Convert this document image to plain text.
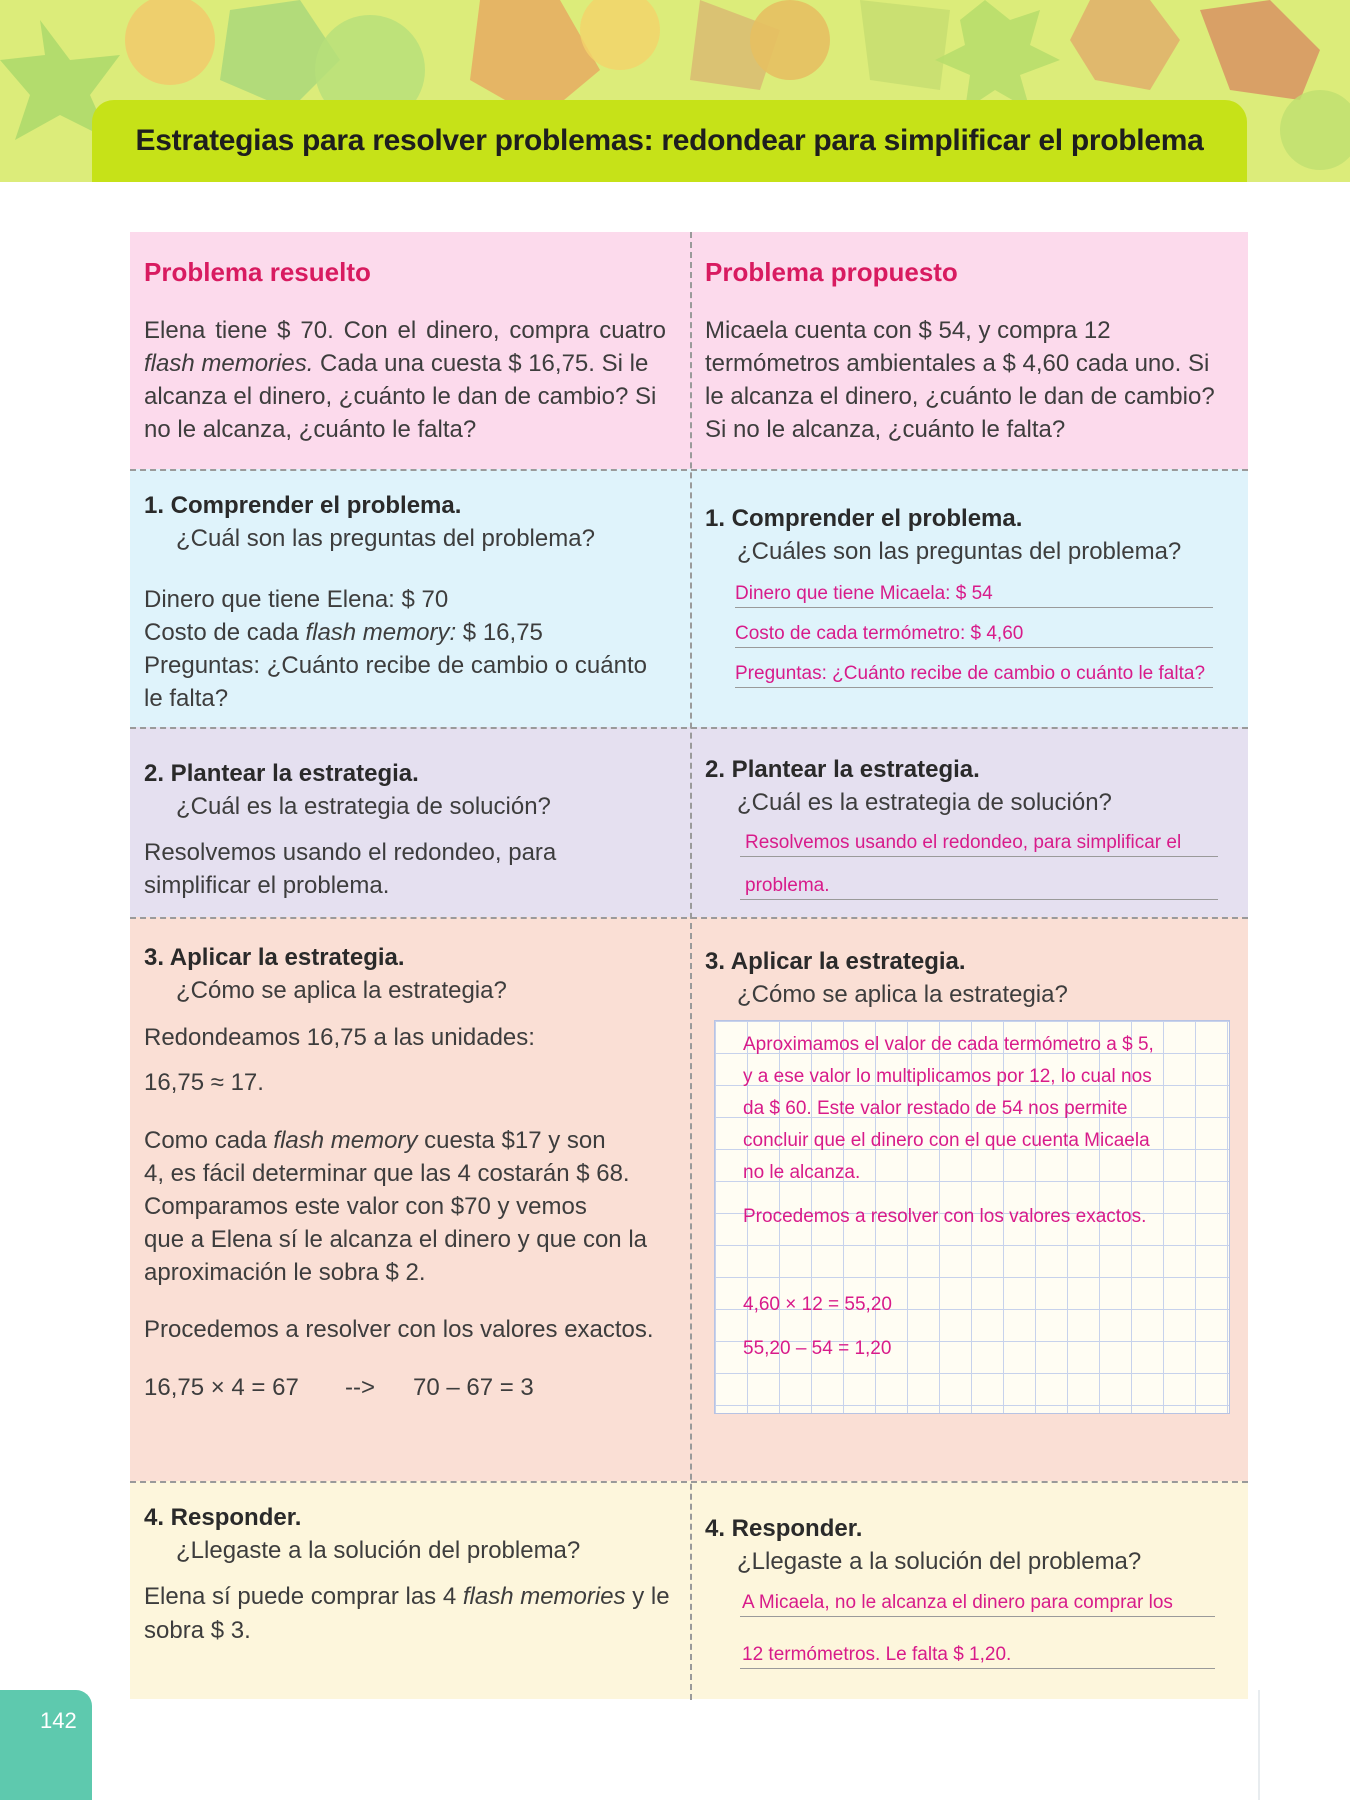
Estrategias para resolver problemas: redondear para simplificar el problema
Problema resuelto
Elena tiene $ 70. Con el dinero, compra cuatro
flash memories. Cada una cuesta $ 16,75. Si le
alcanza el dinero, ¿cuánto le dan de cambio? Si
no le alcanza, ¿cuánto le falta?
1. Comprender el problema.
¿Cuál son las preguntas del problema?
Dinero que tiene Elena: $ 70
Costo de cada flash memory: $ 16,75
Preguntas: ¿Cuánto recibe de cambio o cuánto
le falta?
2. Plantear la estrategia.
¿Cuál es la estrategia de solución?
Resolvemos usando el redondeo, para
simplificar el problema.
3. Aplicar la estrategia.
¿Cómo se aplica la estrategia?
Redondeamos 16,75 a las unidades:
16,75 ≈ 17.
Como cada flash memory cuesta $17 y son
4, es fácil determinar que las 4 costarán $ 68.
Comparamos este valor con $70 y vemos
que a Elena sí le alcanza el dinero y que con la
aproximación le sobra $ 2.
Procedemos a resolver con los valores exactos.
16,75 × 4 = 67 --> 70 – 67 = 3
4. Responder.
¿Llegaste a la solución del problema?
Elena sí puede comprar las 4 flash memories y le
sobra $ 3.
Problema propuesto
Micaela cuenta con $ 54, y compra 12
termómetros ambientales a $ 4,60 cada uno. Si
le alcanza el dinero, ¿cuánto le dan de cambio?
Si no le alcanza, ¿cuánto le falta?
1. Comprender el problema.
¿Cuáles son las preguntas del problema?
Dinero que tiene Micaela: $ 54
Costo de cada termómetro: $ 4,60
Preguntas: ¿Cuánto recibe de cambio o cuánto le falta?
2. Plantear la estrategia.
¿Cuál es la estrategia de solución?
Resolvemos usando el redondeo, para simplificar el
problema.
3. Aplicar la estrategia.
¿Cómo se aplica la estrategia?
Aproximamos el valor de cada termómetro a $ 5,
y a ese valor lo multiplicamos por 12, lo cual nos
da $ 60. Este valor restado de 54 nos permite
concluir que el dinero con el que cuenta Micaela
no le alcanza.
Procedemos a resolver con los valores exactos.
4,60 × 12 = 55,20
55,20 – 54 = 1,20
4. Responder.
¿Llegaste a la solución del problema?
A Micaela, no le alcanza el dinero para comprar los
12 termómetros. Le falta $ 1,20.
142
